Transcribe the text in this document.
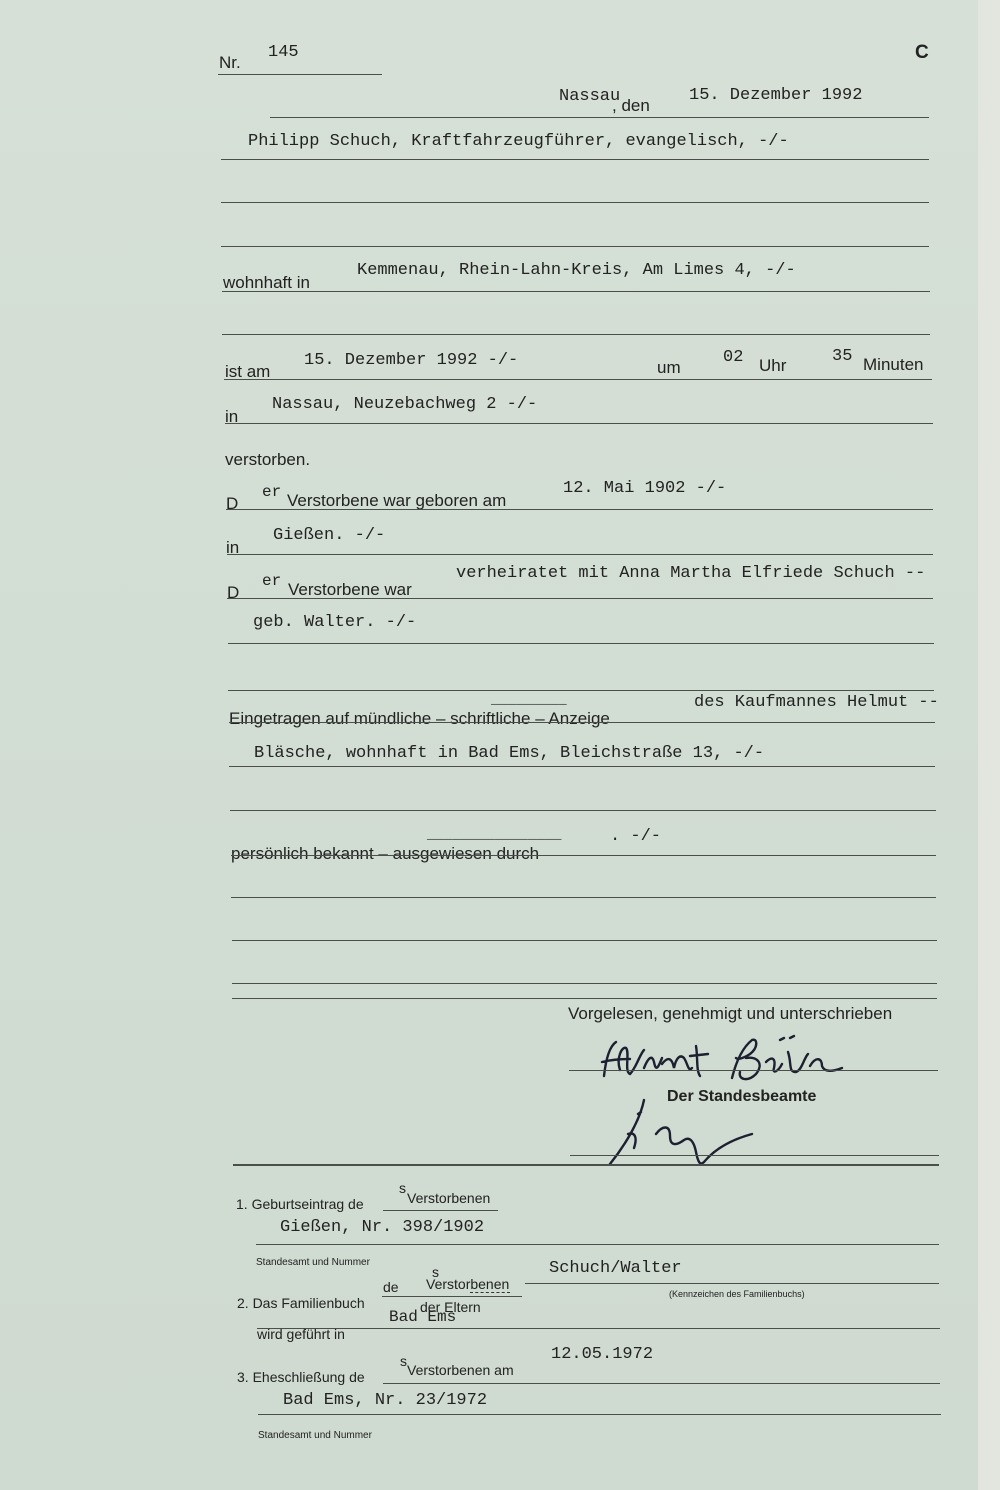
Nr.
145	C
Nassau
, den
15. Dezember 1992
Philipp Schuch, Kraftfahrzeugführer, evangelisch, -/-
wohnhaft in
Kemmenau, Rhein-Lahn-Kreis, Am Limes 4, -/-
ist am
15. Dezember 1992 -/-	um
02 Uhr	35 Minuten
in
Nassau, Neuzebachweg 2 -/-
verstorben.
D
er Verstorbene war geboren am
12. Mai 1902 -/-
in
Gießen. -/-
D
er Verstorbene war
verheiratet mit Anna Martha Elfriede Schuch --
geb. Walter. -/-
Eingetragen auf mündliche – schriftliche – Anzeige
_________	des Kaufmannes Helmut --
Bläsche, wohnhaft in Bad Ems, Bleichstraße 13, -/-
persönlich bekannt – ausgewiesen durch
________________	. -/-
Vorgelesen, genehmigt und unterschrieben
Der Standesbeamte
1. Geburtseintrag de
s
Verstorbenen
Gießen, Nr. 398/1902
Standesamt und Nummer
de
s
Verstorbenen
Schuch/Walter
2. Das Familienbuch
(Kennzeichen des Familienbuchs)
der Eltern
Bad Ems
wird geführt in
3. Eheschließung de
s
Verstorbenen am
12.05.1972
Bad Ems, Nr. 23/1972
Standesamt und Nummer
